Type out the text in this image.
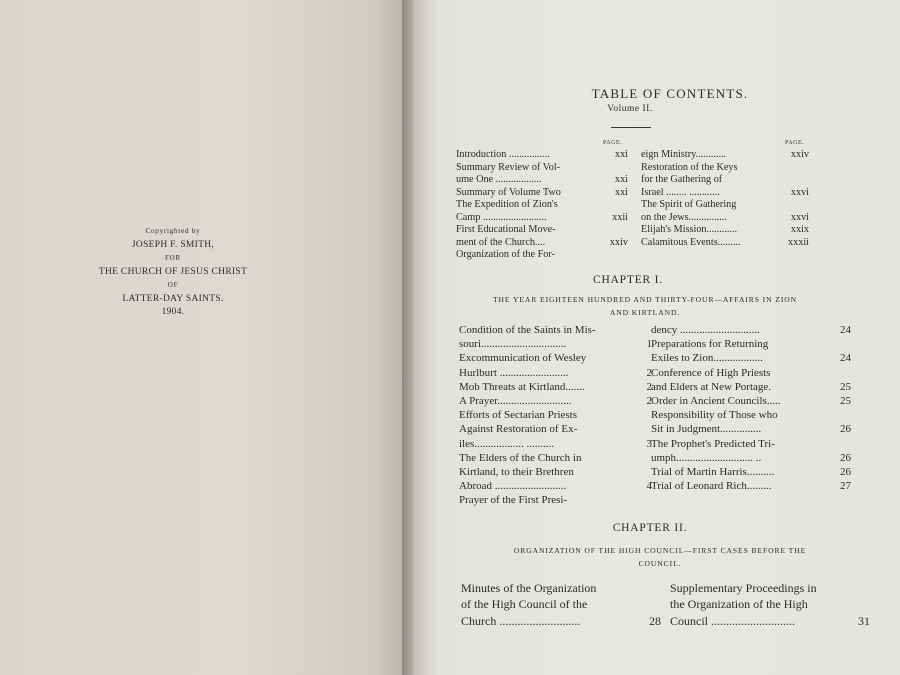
Copyrighted by
JOSEPH F. SMITH,
FOR
THE CHURCH OF JESUS CHRIST
OF
LATTER-DAY SAINTS.
1904.
TABLE OF CONTENTS.
Volume II.
PAGE.	PAGE.
Introduction ................	xxi
Summary Review of Vol-
ume One ..................	xxi
Summary of Volume Two	xxi
The Expedition of Zion's
Camp .........................	xxii
First Educational Move-
ment of the Church....	xxiv
Organization of the For-
eign Ministry............	xxiv
Restoration of the Keys
for the Gathering of
Israel ........ ............	xxvi
The Spirit of Gathering
on the Jews...............	xxvi
Elijah's Mission............	xxix
Calamitous Events.........	xxxii
CHAPTER I.
THE YEAR EIGHTEEN HUNDRED AND THIRTY-FOUR—AFFAIRS IN ZION
AND KIRTLAND.
Condition of the Saints in Mis-
souri...............................	1
Excommunication of Wesley
Hurlburt .........................	2
Mob Threats at Kirtland.......	2
A Prayer...........................	2
Efforts of Sectarian Priests
Against Restoration of Ex-
iles.................. ..........	3
The Elders of the Church in
Kirtland, to their Brethren
Abroad ..........................	4
Prayer of the First Presi-
dency .............................	24
Preparations for Returning
Exiles to Zion..................	24
Conference of High Priests
and Elders at New Portage.	25
Order in Ancient Councils.....	25
Responsibility of Those who
Sit in Judgment...............	26
The Prophet's Predicted Tri-
umph............................ ..	26
Trial of Martin Harris..........	26
Trial of Leonard Rich.........	27
CHAPTER II.
ORGANIZATION OF THE HIGH COUNCIL—FIRST CASES BEFORE THE
COUNCIL.
Minutes of the Organization
of the High Council of the
Church ...........................	28
Supplementary Proceedings in
the Organization of the High
Council ............................	31
